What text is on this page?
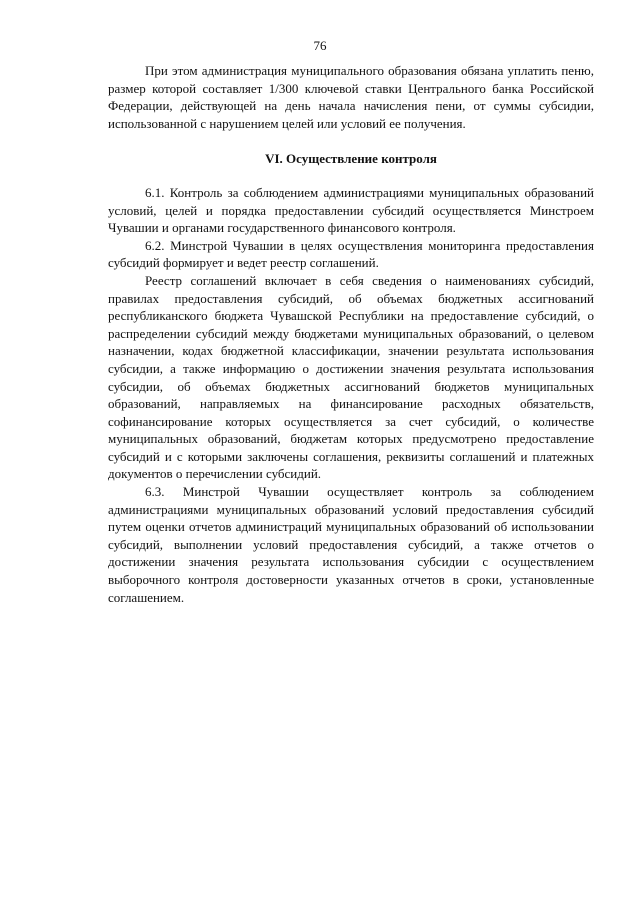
76

При этом администрация муниципального образования обязана уплатить пеню, размер которой составляет 1/300 ключевой ставки Центрального банка Российской Федерации, действующей на день начала начисления пени, от суммы субсидии, использованной с нарушением целей или условий ее получения.

VI. Осуществление контроля

6.1. Контроль за соблюдением администрациями муниципальных образований условий, целей и порядка предоставлении субсидий осуществляется Минстроем Чувашии и органами государственного финансового контроля.

6.2. Минстрой Чувашии в целях осуществления мониторинга предоставления субсидий формирует и ведет реестр соглашений.

Реестр соглашений включает в себя сведения о наименованиях субсидий, правилах предоставления субсидий, об объемах бюджетных ассигнований республиканского бюджета Чувашской Республики на предоставление субсидий, о распределении субсидий между бюджетами муниципальных образований, о целевом назначении, кодах бюджетной классификации, значении результата использования субсидии, а также информацию о достижении значения результата использования субсидии, об объемах бюджетных ассигнований бюджетов муниципальных образований, направляемых на финансирование расходных обязательств, софинансирование которых осуществляется за счет субсидий, о количестве муниципальных образований, бюджетам которых предусмотрено предоставление субсидий и с которыми заключены соглашения, реквизиты соглашений и платежных документов о перечислении субсидий.

6.3. Минстрой Чувашии осуществляет контроль за соблюдением администрациями муниципальных образований условий предоставления субсидий путем оценки отчетов администраций муниципальных образований об использовании субсидий, выполнении условий предоставления субсидий, а также отчетов о достижении значения результата использования субсидии с осуществлением выборочного контроля достоверности указанных отчетов в сроки, установленные соглашением.
